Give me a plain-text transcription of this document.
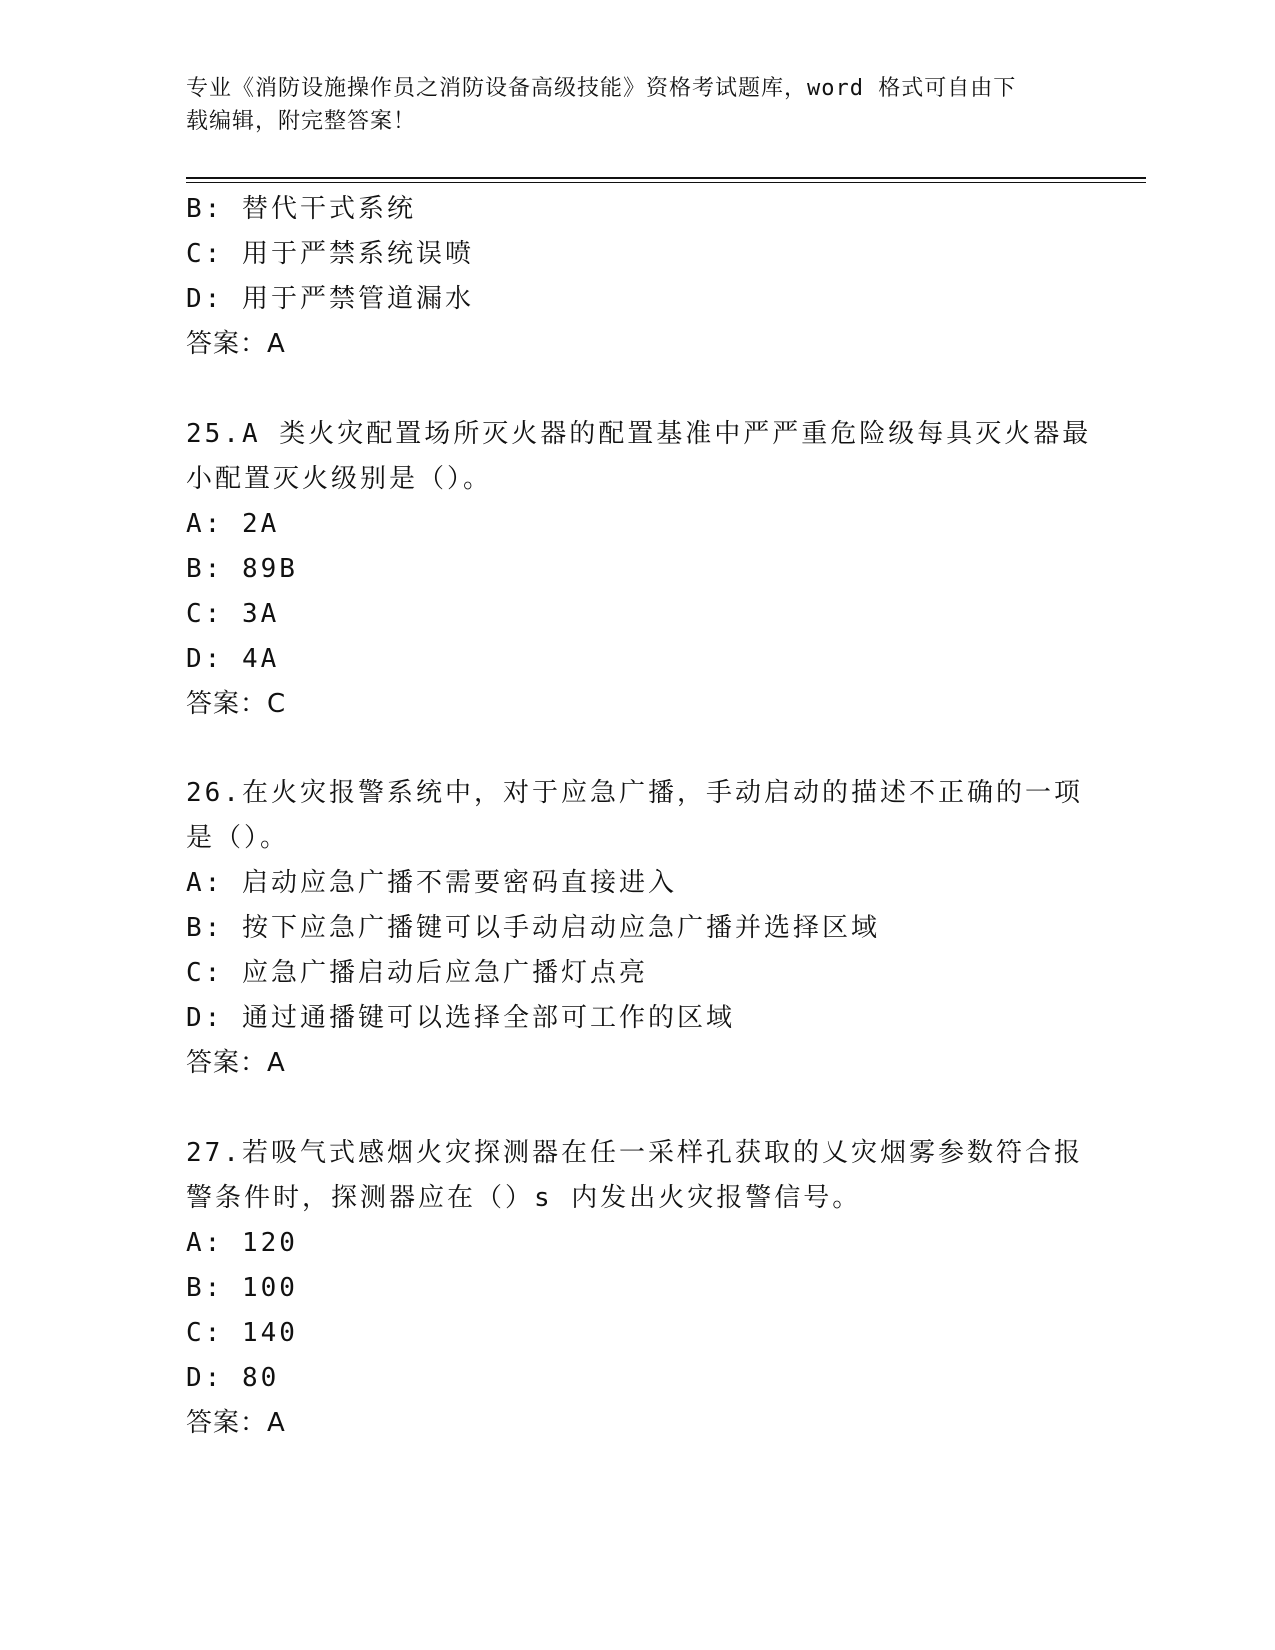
专业《消防设施操作员之消防设备高级技能》资格考试题库，word 格式可自由下
载编辑，附完整答案！
B: 替代干式系统
C: 用于严禁系统误喷
D: 用于严禁管道漏水
答案：A
25.A 类火灾配置场所灭火器的配置基准中严严重危险级每具灭火器最
小配置灭火级别是（）。
A: 2A
B: 89B
C: 3A
D: 4A
答案：C
26.在火灾报警系统中，对于应急广播，手动启动的描述不正确的一项
是（）。
A: 启动应急广播不需要密码直接进入
B: 按下应急广播键可以手动启动应急广播并选择区域
C: 应急广播启动后应急广播灯点亮
D: 通过通播键可以选择全部可工作的区域
答案：A
27.若吸气式感烟火灾探测器在任一采样孔获取的乂灾烟雾参数符合报
警条件时，探测器应在（）s 内发出火灾报警信号。
A: 120
B: 100
C: 140
D: 80
答案：A
